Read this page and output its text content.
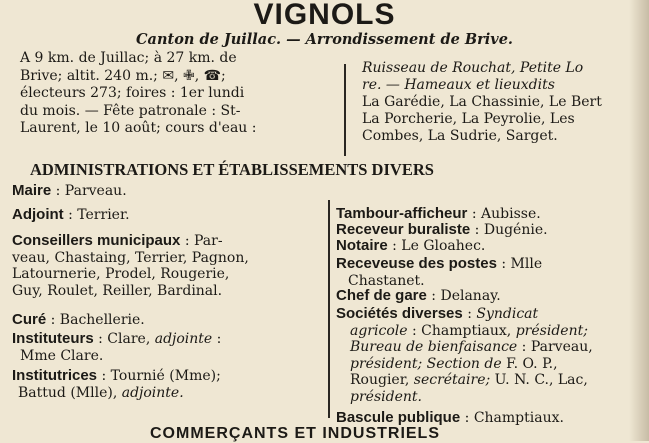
VIGNOLS
Canton de Juillac. — Arrondissement de Brive.
A 9 km. de Juillac; à 27 km. de
Brive; altit. 240 m.; ✉, ✙, ☎;
électeurs 273; foires : 1er lundi
du mois. — Fête patronale : St-
Laurent, le 10 août; cours d'eau :
Ruisseau de Rouchat, Petite Lo
re. — Hameaux et lieuxdits
La Garédie, La Chassinie, Le Bert
La Porcherie, La Peyrolie, Les
Combes, La Sudrie, Sarget.
ADMINISTRATIONS ET ÉTABLISSEMENTS DIVERS
Maire : Parveau.
Adjoint : Terrier.
Conseillers municipaux : Par-
veau, Chastaing, Terrier, Pagnon,
Latournerie, Prodel, Rougerie,
Guy, Roulet, Reiller, Bardinal.
Curé : Bachellerie.
Instituteurs : Clare, adjointe :
Mme Clare.
Institutrices : Tournié (Mme);
Battud (Mlle), adjointe.
Tambour-afficheur : Aubisse.
Receveur buraliste : Dugénie.
Notaire : Le Gloahec.
Receveuse des postes : Mlle
Chastanet.
Chef de gare : Delanay.
Sociétés diverses : Syndicat
agricole : Champtiaux, président;
Bureau de bienfaisance : Parveau,
président; Section de F. O. P.,
Rougier, secrétaire; U. N. C., Lac,
président.
Bascule publique : Champtiaux.
COMMERÇANTS ET INDUSTRIELS
